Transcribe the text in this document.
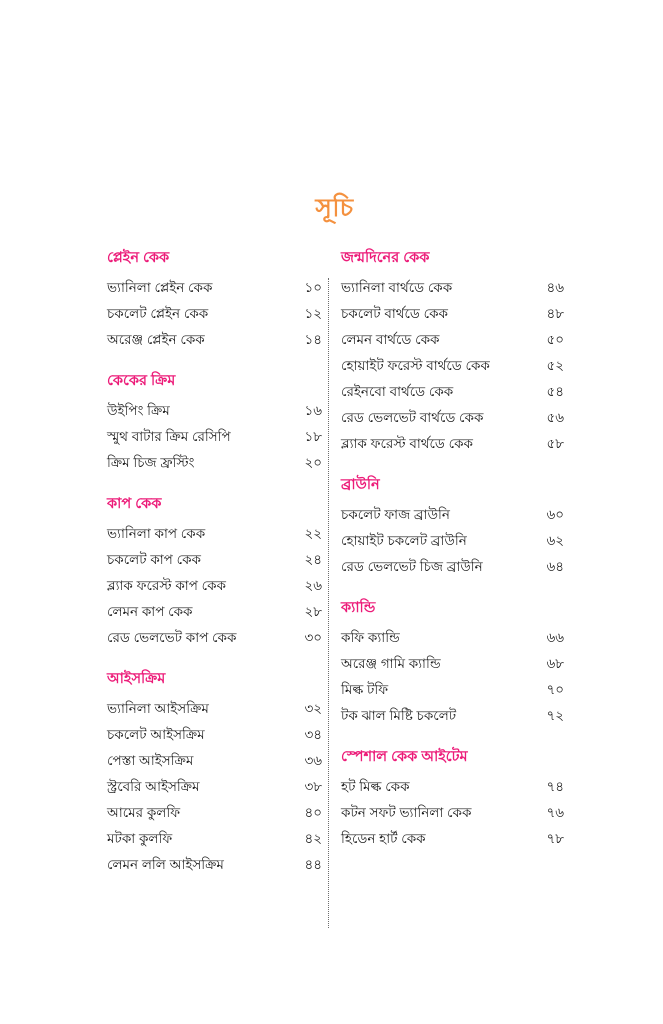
সূচি
প্লেইন কেক
ভ্যানিলা প্লেইন কেক	১০
চকলেট প্লেইন কেক	১২
অরেঞ্জ প্লেইন কেক	১৪
কেকের ক্রিম
উইপিং ক্রিম	১৬
স্মুথ বাটার ক্রিম রেসিপি	১৮
ক্রিম চিজ ফ্রস্টিং	২০
কাপ কেক
ভ্যানিলা কাপ কেক	২২
চকলেট কাপ কেক	২৪
ব্ল্যাক ফরেস্ট কাপ কেক	২৬
লেমন কাপ কেক	২৮
রেড ভেলভেট কাপ কেক	৩০
আইসক্রিম
ভ্যানিলা আইসক্রিম	৩২
চকলেট আইসক্রিম	৩৪
পেস্তা আইসক্রিম	৩৬
স্ট্রবেরি আইসক্রিম	৩৮
আমের কুলফি	৪০
মটকা কুলফি	৪২
লেমন ললি আইসক্রিম	৪৪
জন্মদিনের কেক
ভ্যানিলা বার্থডে কেক	৪৬
চকলেট বার্থডে কেক	৪৮
লেমন বার্থডে কেক	৫০
হোয়াইট ফরেস্ট বার্থডে কেক	৫২
রেইনবো বার্থডে কেক	৫৪
রেড ভেলভেট বার্থডে কেক	৫৬
ব্ল্যাক ফরেস্ট বার্থডে কেক	৫৮
ব্রাউনি
চকলেট ফাজ ব্রাউনি	৬০
হোয়াইট চকলেট ব্রাউনি	৬২
রেড ভেলভেট চিজ ব্রাউনি	৬৪
ক্যান্ডি
কফি ক্যান্ডি	৬৬
অরেঞ্জ গামি ক্যান্ডি	৬৮
মিল্ক টফি	৭০
টক ঝাল মিষ্টি চকলেট	৭২
স্পেশাল কেক আইটেম
হট মিল্ক কেক	৭৪
কটন সফট ভ্যানিলা কেক	৭৬
হিডেন হার্ট কেক	৭৮
